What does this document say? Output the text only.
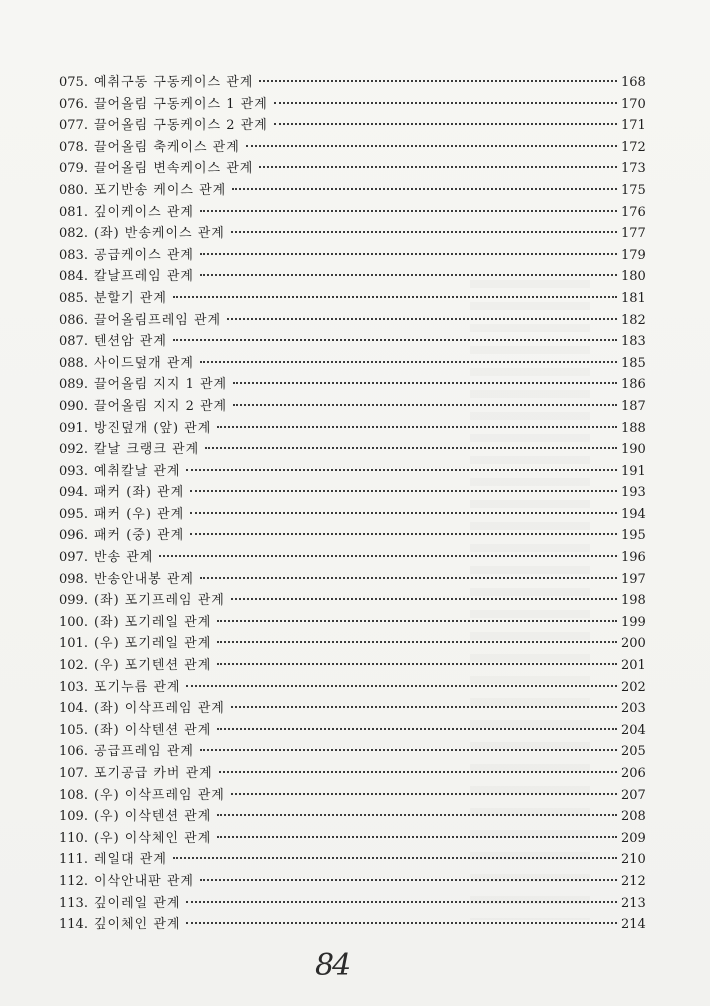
075. 예취구동 구동케이스 관계	168
076. 끌어올림 구동케이스 1 관계	170
077. 끌어올림 구동케이스 2 관계	171
078. 끌어올림 축케이스 관계	172
079. 끌어올림 변속케이스 관계	173
080. 포기반송 케이스 관계	175
081. 깊이케이스 관계	176
082. (좌) 반송케이스 관계	177
083. 공급케이스 관계	179
084. 칼날프레임 관계	180
085. 분할기 관계	181
086. 끌어올림프레임 관계	182
087. 텐션암 관계	183
088. 사이드덮개 관계	185
089. 끌어올림 지지 1 관계	186
090. 끌어올림 지지 2 관계	187
091. 방진덮개 (앞) 관계	188
092. 칼날 크랭크 관계	190
093. 예취칼날 관계	191
094. 패커 (좌) 관계	193
095. 패커 (우) 관계	194
096. 패커 (중) 관계	195
097. 반송 관계	196
098. 반송안내봉 관계	197
099. (좌) 포기프레임 관계	198
100. (좌) 포기레일 관계	199
101. (우) 포기레일 관계	200
102. (우) 포기텐션 관계	201
103. 포기누름 관계	202
104. (좌) 이삭프레임 관계	203
105. (좌) 이삭텐션 관계	204
106. 공급프레임 관계	205
107. 포기공급 카버 관계	206
108. (우) 이삭프레임 관계	207
109. (우) 이삭텐션 관계	208
110. (우) 이삭체인 관계	209
111. 레일대 관계	210
112. 이삭안내판 관계	212
113. 깊이레일 관계	213
114. 깊이체인 관계	214
84
